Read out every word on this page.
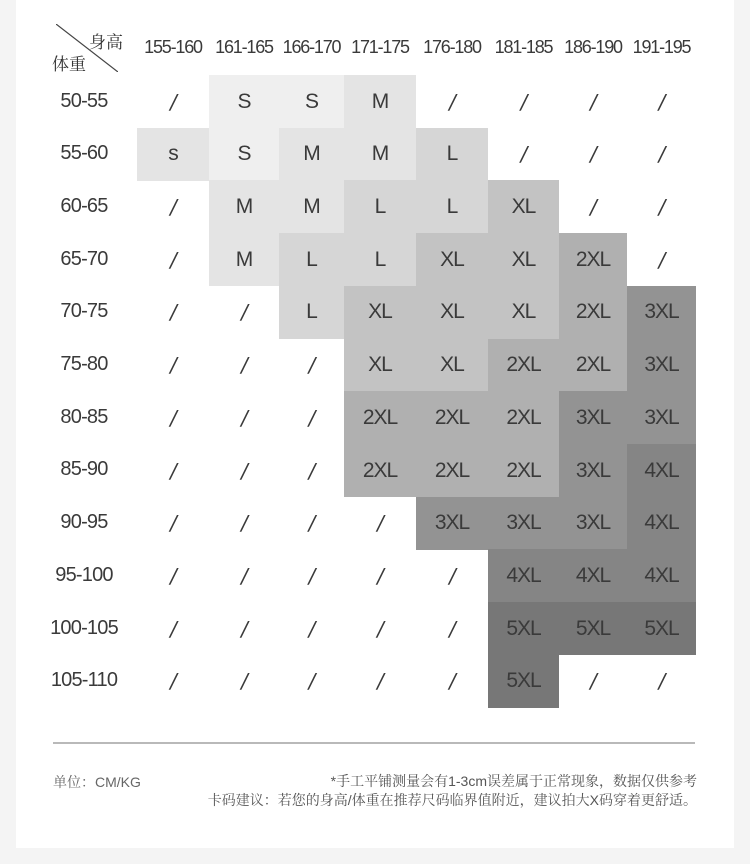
身高
体重
155-160 161-165 166-170 171-175 176-180 181-185 186-190 191-195
50-55	/	S	S	M	/	/	/	/
55-60	s	S	M	M	L	/	/	/
60-65	/	M	M	L	L	XL	/	/
65-70	/	M	L	L	XL	XL	2XL	/
70-75	/	/	L	XL	XL	XL	2XL	3XL
75-80	/	/	/	XL	XL	2XL	2XL	3XL
80-85	/	/	/	2XL	2XL	2XL	3XL	3XL
85-90	/	/	/	2XL	2XL	2XL	3XL	4XL
90-95	/	/	/	/	3XL	3XL	3XL	4XL
95-100	/	/	/	/	/	4XL	4XL	4XL
100-105	/	/	/	/	/	5XL	5XL	5XL
105-110	/	/	/	/	/	5XL	/	/
单位：CM/KG	*手工平铺测量会有1-3cm误差属于正常现象，数据仅供参考
卡码建议：若您的身高/体重在推荐尺码临界值附近，建议拍大X码穿着更舒适。
